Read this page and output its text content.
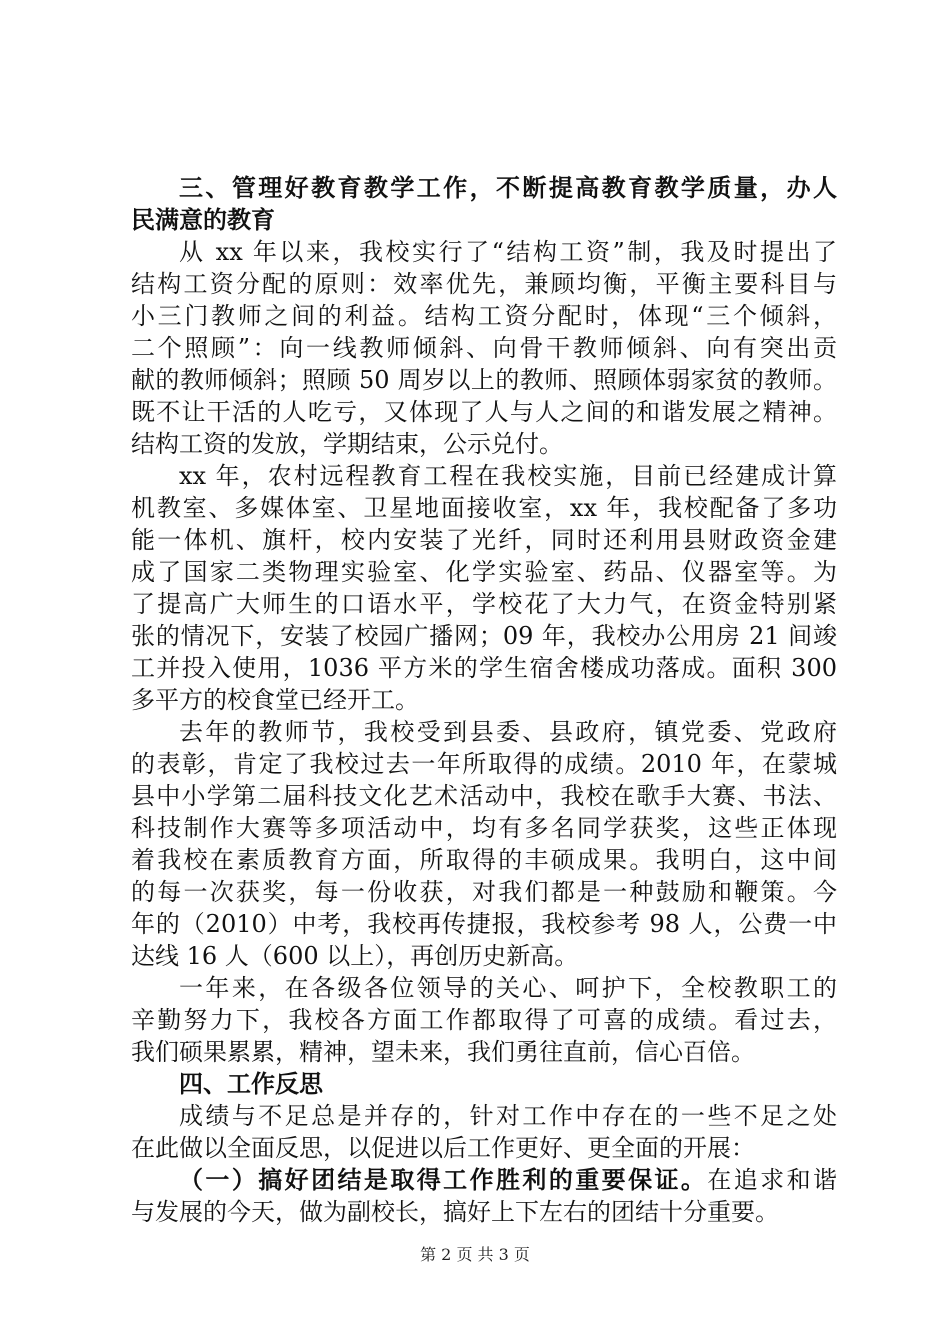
三、管理好教育教学工作，不断提高教育教学质量，办人
民满意的教育
从 xx 年以来，我校实行了“结构工资”制，我及时提出了
结构工资分配的原则：效率优先，兼顾均衡，平衡主要科目与
小三门教师之间的利益。结构工资分配时，体现“三个倾斜，
二个照顾”：向一线教师倾斜、向骨干教师倾斜、向有突出贡
献的教师倾斜；照顾 50 周岁以上的教师、照顾体弱家贫的教师。
既不让干活的人吃亏，又体现了人与人之间的和谐发展之精神。
结构工资的发放，学期结束，公示兑付。
xx 年，农村远程教育工程在我校实施，目前已经建成计算
机教室、多媒体室、卫星地面接收室，xx 年，我校配备了多功
能一体机、旗杆，校内安装了光纤，同时还利用县财政资金建
成了国家二类物理实验室、化学实验室、药品、仪器室等。为
了提高广大师生的口语水平，学校花了大力气，在资金特别紧
张的情况下，安装了校园广播网；09 年，我校办公用房 21 间竣
工并投入使用，1036 平方米的学生宿舍楼成功落成。面积 300
多平方的校食堂已经开工。
去年的教师节，我校受到县委、县政府，镇党委、党政府
的表彰，肯定了我校过去一年所取得的成绩。2010 年，在蒙城
县中小学第二届科技文化艺术活动中，我校在歌手大赛、书法、
科技制作大赛等多项活动中，均有多名同学获奖，这些正体现
着我校在素质教育方面，所取得的丰硕成果。我明白，这中间
的每一次获奖，每一份收获，对我们都是一种鼓励和鞭策。今
年的（2010）中考，我校再传捷报，我校参考 98 人，公费一中
达线 16 人（600 以上），再创历史新高。
一年来，在各级各位领导的关心、呵护下，全校教职工的
辛勤努力下，我校各方面工作都取得了可喜的成绩。看过去，
我们硕果累累，精神，望未来，我们勇往直前，信心百倍。
四、工作反思
成绩与不足总是并存的，针对工作中存在的一些不足之处
在此做以全面反思，以促进以后工作更好、更全面的开展：
（一）搞好团结是取得工作胜利的重要保证。在追求和谐
与发展的今天，做为副校长，搞好上下左右的团结十分重要。
第 2 页 共 3 页
